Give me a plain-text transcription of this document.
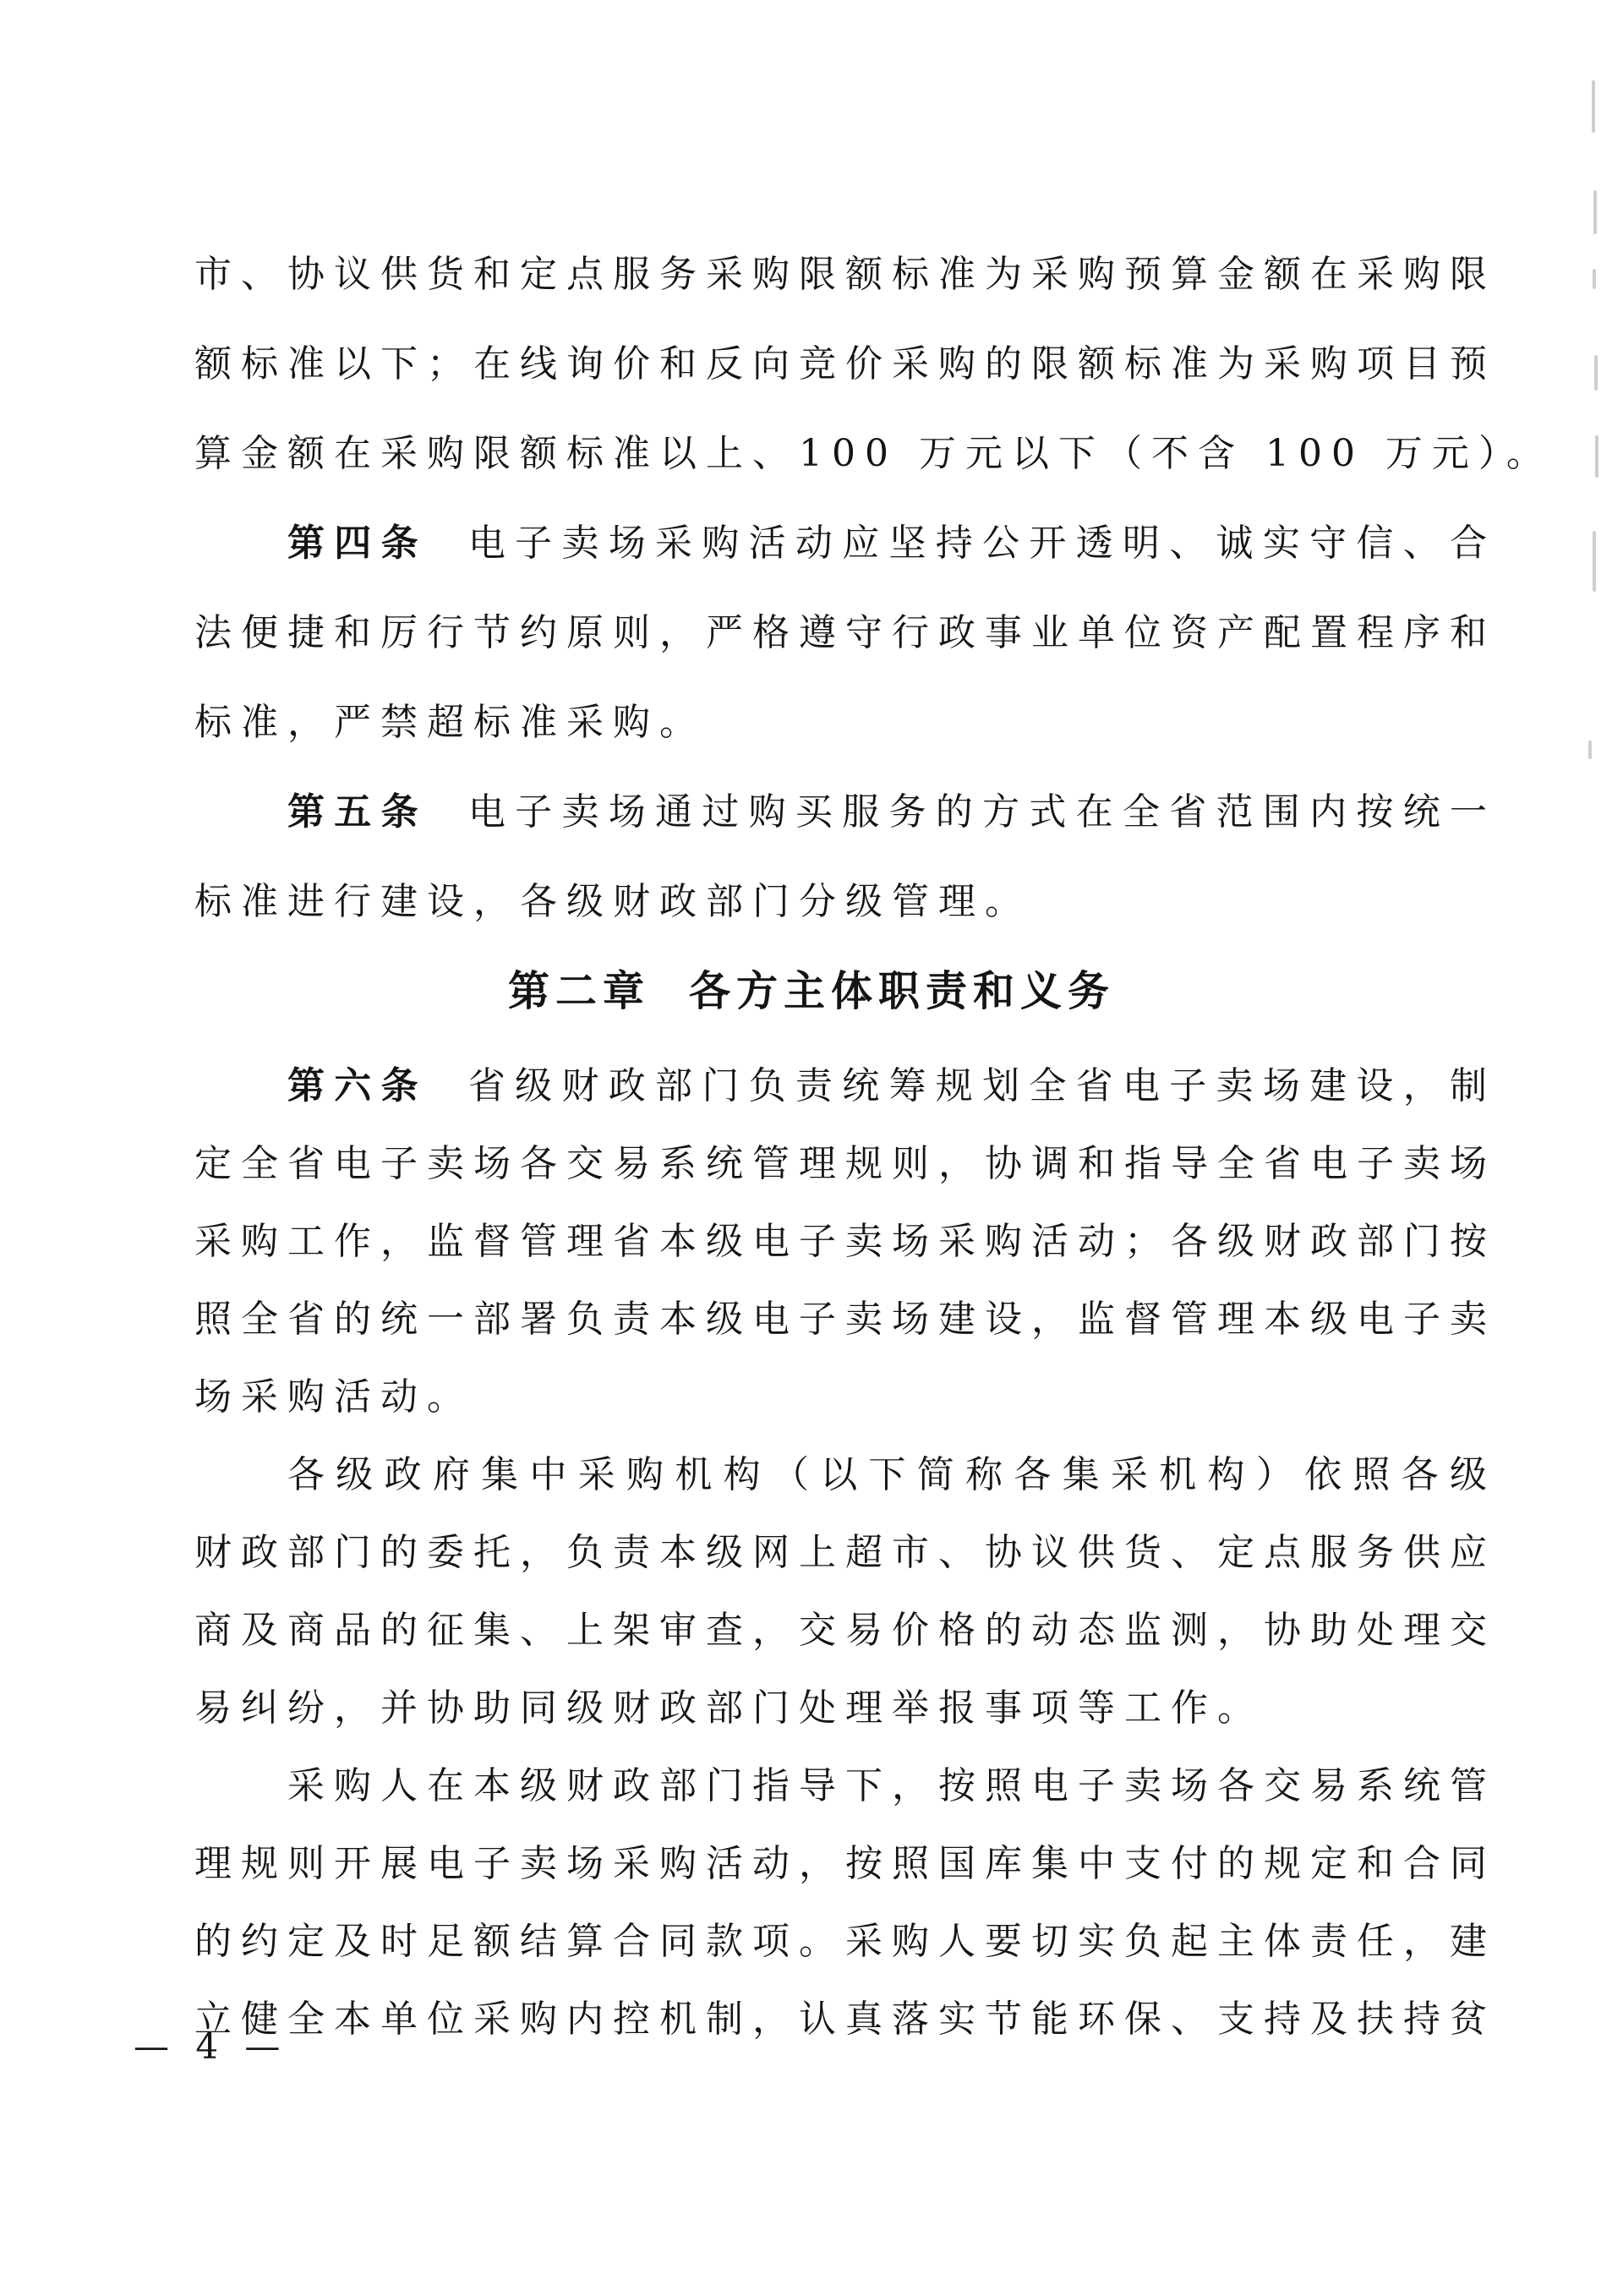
市、协议供货和定点服务采购限额标准为采购预算金额在采购限
额标准以下；在线询价和反向竞价采购的限额标准为采购项目预
算金额在采购限额标准以上、100 万元以下（不含 100 万元）。
第四条 电子卖场采购活动应坚持公开透明、诚实守信、合
法便捷和厉行节约原则，严格遵守行政事业单位资产配置程序和
标准，严禁超标准采购。
第五条 电子卖场通过购买服务的方式在全省范围内按统一
标准进行建设，各级财政部门分级管理。
第二章 各方主体职责和义务
第六条 省级财政部门负责统筹规划全省电子卖场建设，制
定全省电子卖场各交易系统管理规则，协调和指导全省电子卖场
采购工作，监督管理省本级电子卖场采购活动；各级财政部门按
照全省的统一部署负责本级电子卖场建设，监督管理本级电子卖
场采购活动。
各级政府集中采购机构（以下简称各集采机构）依照各级
财政部门的委托，负责本级网上超市、协议供货、定点服务供应
商及商品的征集、上架审查，交易价格的动态监测，协助处理交
易纠纷，并协助同级财政部门处理举报事项等工作。
采购人在本级财政部门指导下，按照电子卖场各交易系统管
理规则开展电子卖场采购活动，按照国库集中支付的规定和合同
的约定及时足额结算合同款项。采购人要切实负起主体责任，建
立健全本单位采购内控机制，认真落实节能环保、支持及扶持贫
— 4 —
